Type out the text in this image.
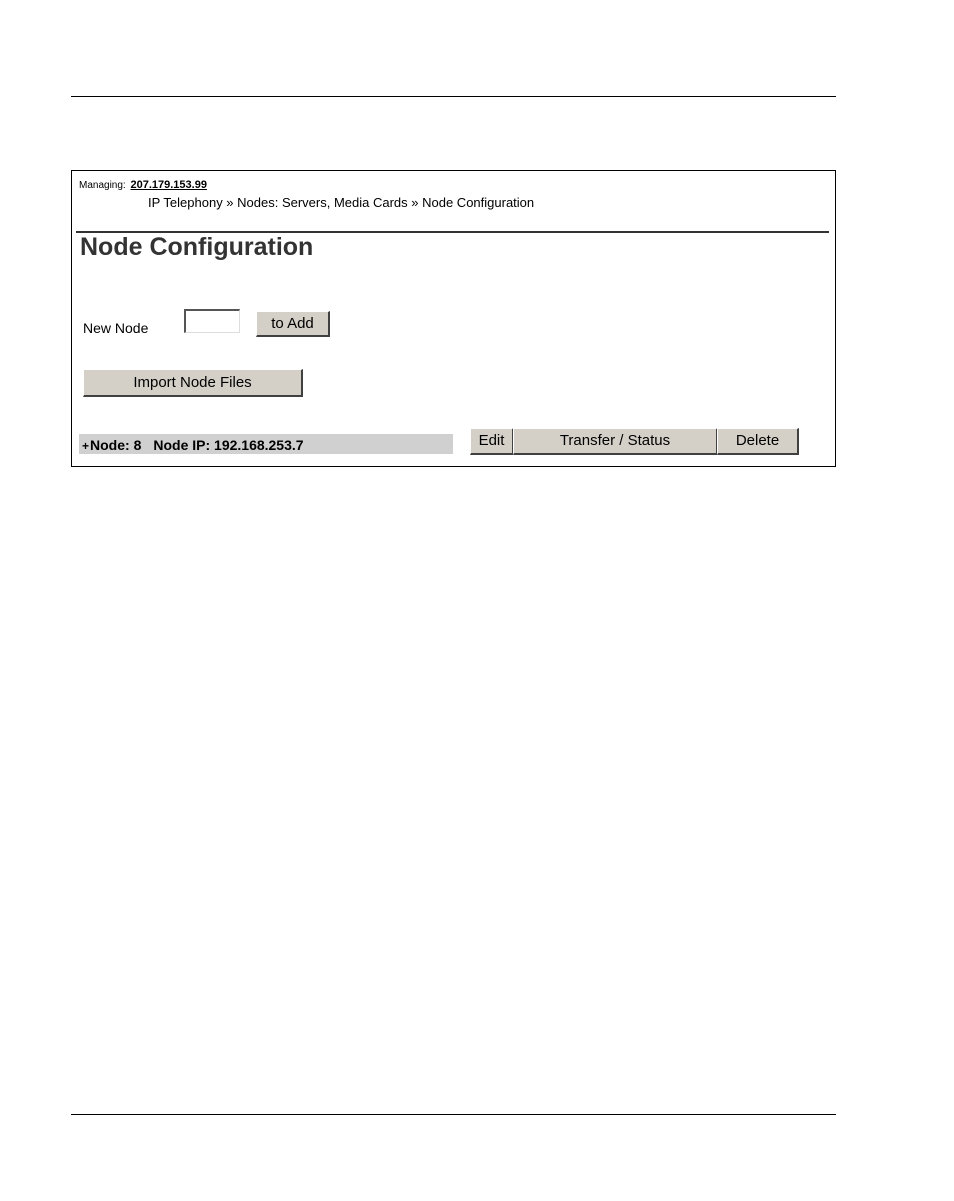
Managing: 207.179.153.99
IP Telephony » Nodes: Servers, Media Cards » Node Configuration
Node Configuration
New Node	to Add
Import Node Files
+Node: 8 Node IP: 192.168.253.7	Edit	Transfer / Status	Delete
